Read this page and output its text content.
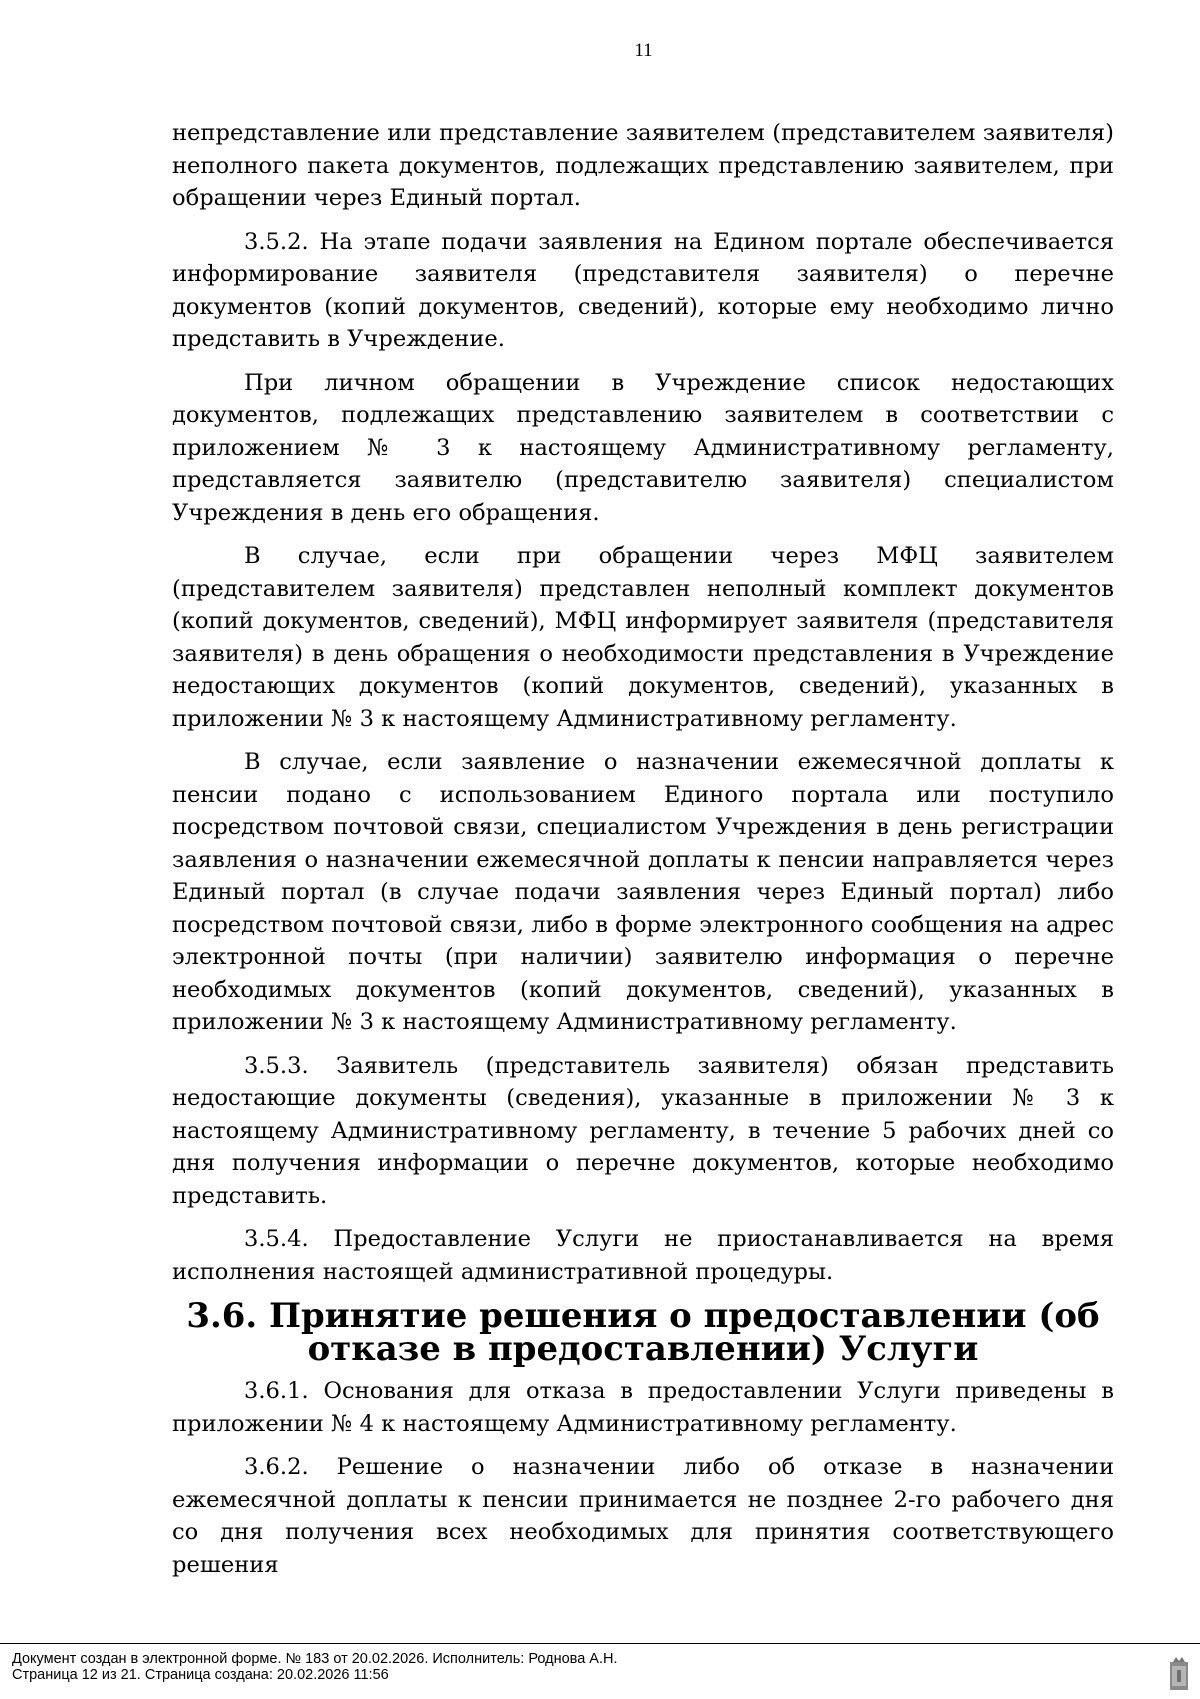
11

непредставление или представление заявителем (представителем заявителя) неполного пакета документов, подлежащих представлению заявителем, при обращении через Единый портал.

3.5.2. На этапе подачи заявления на Едином портале обеспечивается информирование заявителя (представителя заявителя) о перечне документов (копий документов, сведений), которые ему необходимо лично представить в Учреждение.

При личном обращении в Учреждение список недостающих документов, подлежащих представлению заявителем в соответствии с приложением № 3 к настоящему Административному регламенту, представляется заявителю (представителю заявителя) специалистом Учреждения в день его обращения.

В случае, если при обращении через МФЦ заявителем (представителем заявителя) представлен неполный комплект документов (копий документов, сведений), МФЦ информирует заявителя (представителя заявителя) в день обращения о необходимости представления в Учреждение недостающих документов (копий документов, сведений), указанных в приложении № 3 к настоящему Административному регламенту.

В случае, если заявление о назначении ежемесячной доплаты к пенсии подано с использованием Единого портала или поступило посредством почтовой связи, специалистом Учреждения в день регистрации заявления о назначении ежемесячной доплаты к пенсии направляется через Единый портал (в случае подачи заявления через Единый портал) либо посредством почтовой связи, либо в форме электронного сообщения на адрес электронной почты (при наличии) заявителю информация о перечне необходимых документов (копий документов, сведений), указанных в приложении № 3 к настоящему Административному регламенту.

3.5.3. Заявитель (представитель заявителя) обязан представить недостающие документы (сведения), указанные в приложении № 3 к настоящему Административному регламенту, в течение 5 рабочих дней со дня получения информации о перечне документов, которые необходимо представить.

3.5.4. Предоставление Услуги не приостанавливается на время исполнения настоящей административной процедуры.

3.6. Принятие решения о предоставлении (об отказе в предоставлении) Услуги

3.6.1. Основания для отказа в предоставлении Услуги приведены в приложении № 4 к настоящему Административному регламенту.

3.6.2. Решение о назначении либо об отказе в назначении ежемесячной доплаты к пенсии принимается не позднее 2-го рабочего дня со дня получения всех необходимых для принятия соответствующего решения

Документ создан в электронной форме. № 183 от 20.02.2026. Исполнитель: Роднова А.Н.
Страница 12 из 21. Страница создана: 20.02.2026 11:56
